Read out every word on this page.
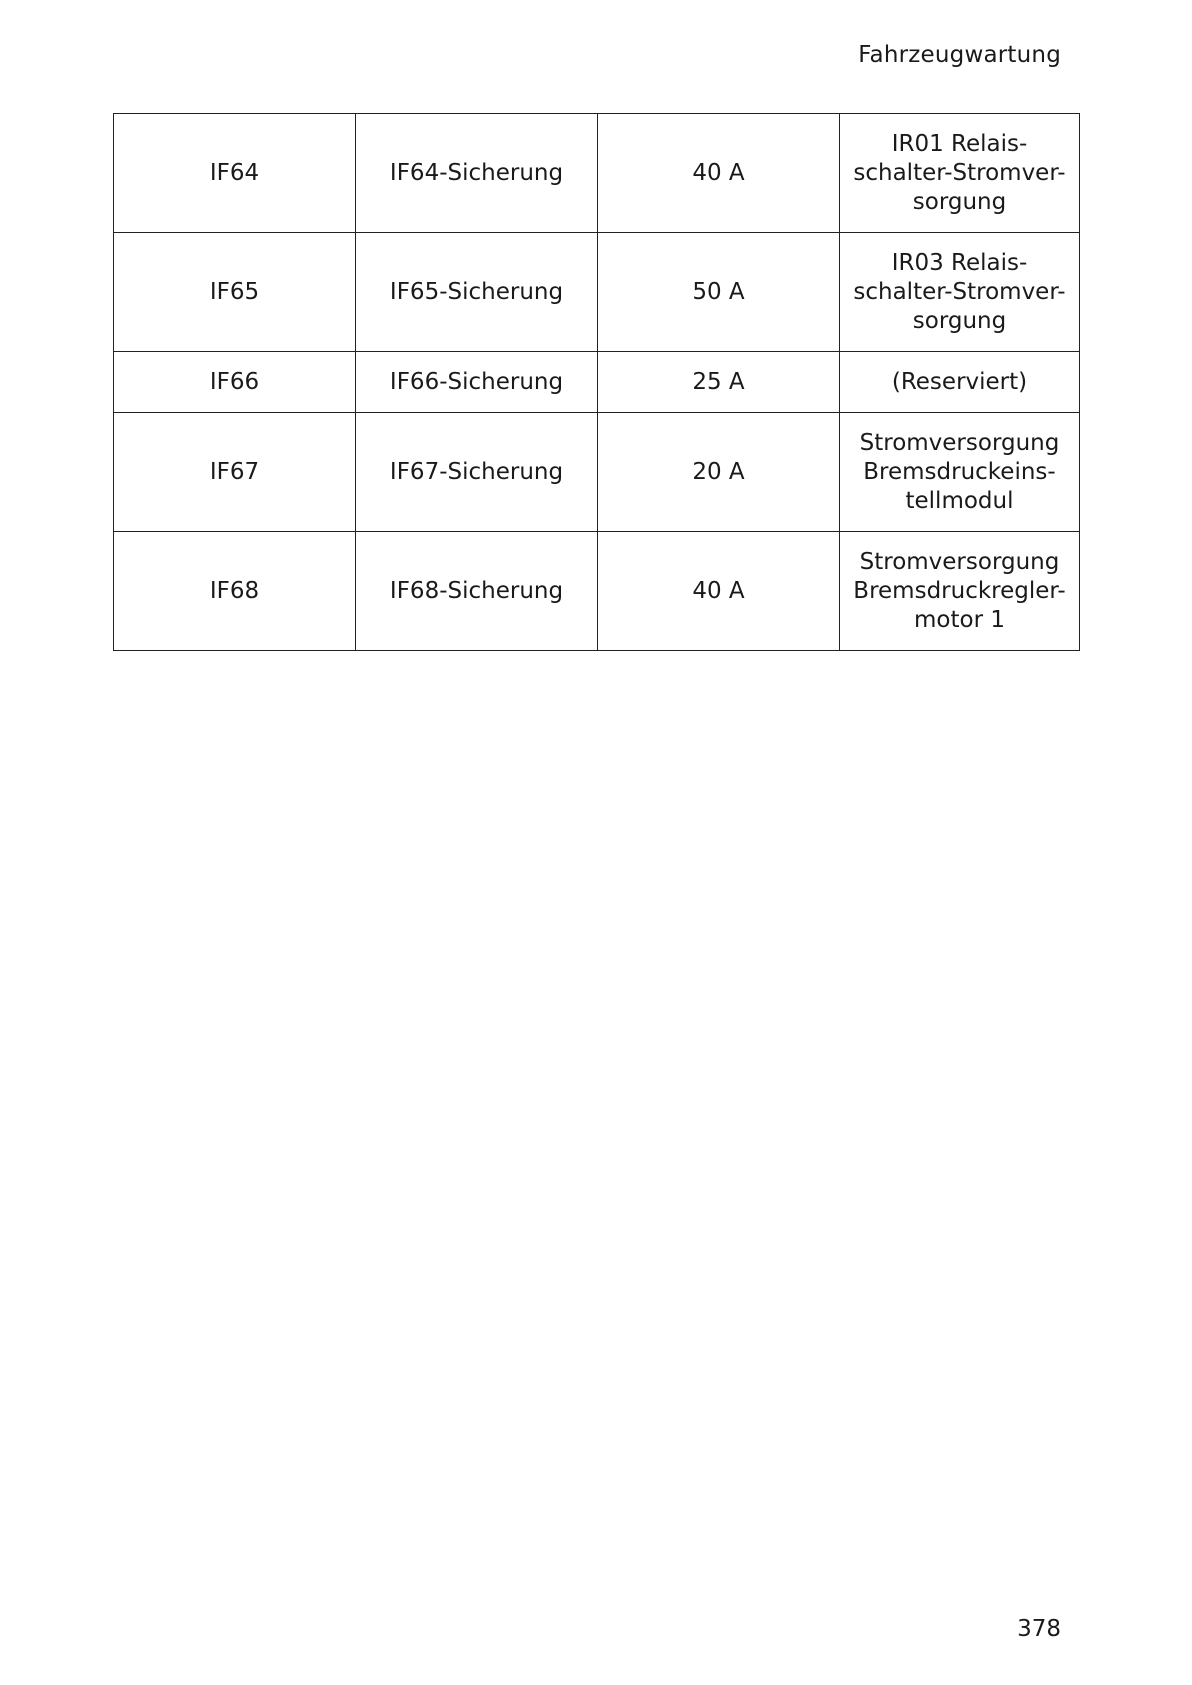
Fahrzeugwartung
IF64	IF64-Sicherung	40 A	IR01 Relais-
schalter-Stromver-
sorgung

IF65	IF65-Sicherung	50 A	IR03 Relais-
schalter-Stromver-
sorgung

IF66	IF66-Sicherung	25 A	(Reserviert)

IF67	IF67-Sicherung	20 A	Stromversorgung
Bremsdruckeins-
tellmodul

IF68	IF68-Sicherung	40 A	Stromversorgung
Bremsdruckregler-
motor 1
378
